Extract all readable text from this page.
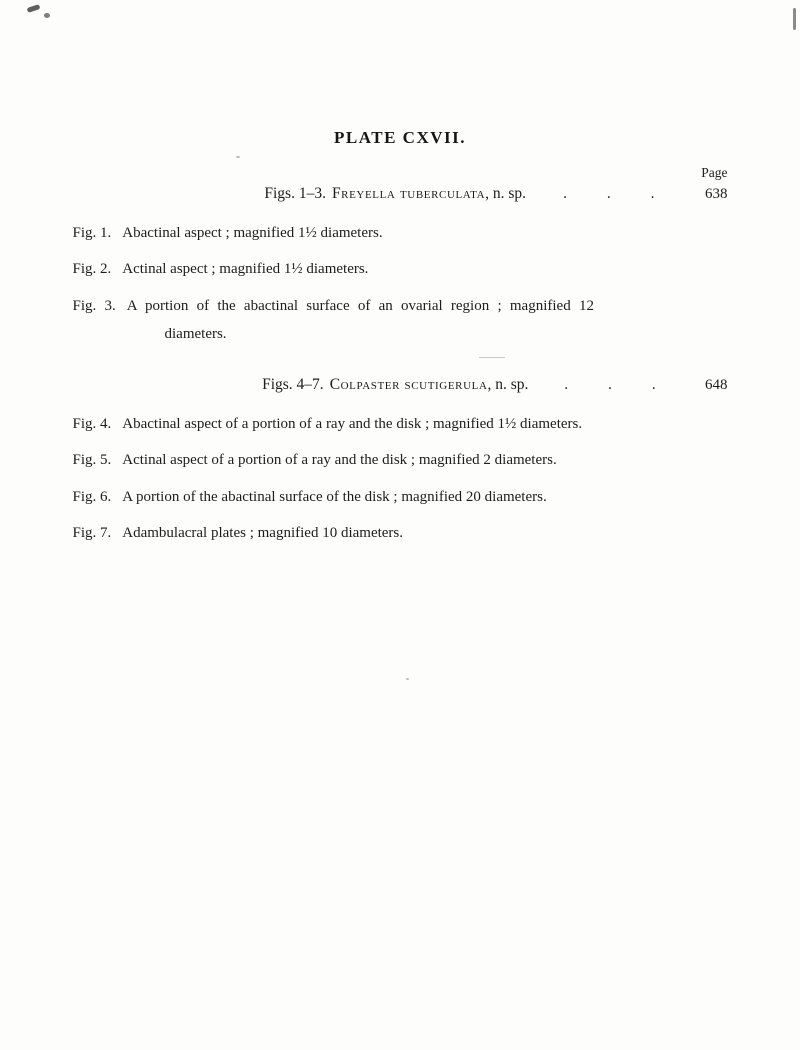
PLATE CXVII.
Page
Figs. 1–3. Freyella tuberculata, n. sp.	. . .	638

Fig. 1. Abactinal aspect ; magnified 1½ diameters.

Fig. 2. Actinal aspect ; magnified 1½ diameters.

Fig. 3. A portion of the abactinal surface of an ovarial region ; magnified 12
diameters.

Figs. 4–7. Colpaster scutigerula, n. sp.	. . .	648

Fig. 4. Abactinal aspect of a portion of a ray and the disk ; magnified 1½ diameters.

Fig. 5. Actinal aspect of a portion of a ray and the disk ; magnified 2 diameters.

Fig. 6. A portion of the abactinal surface of the disk ; magnified 20 diameters.

Fig. 7. Adambulacral plates ; magnified 10 diameters.
